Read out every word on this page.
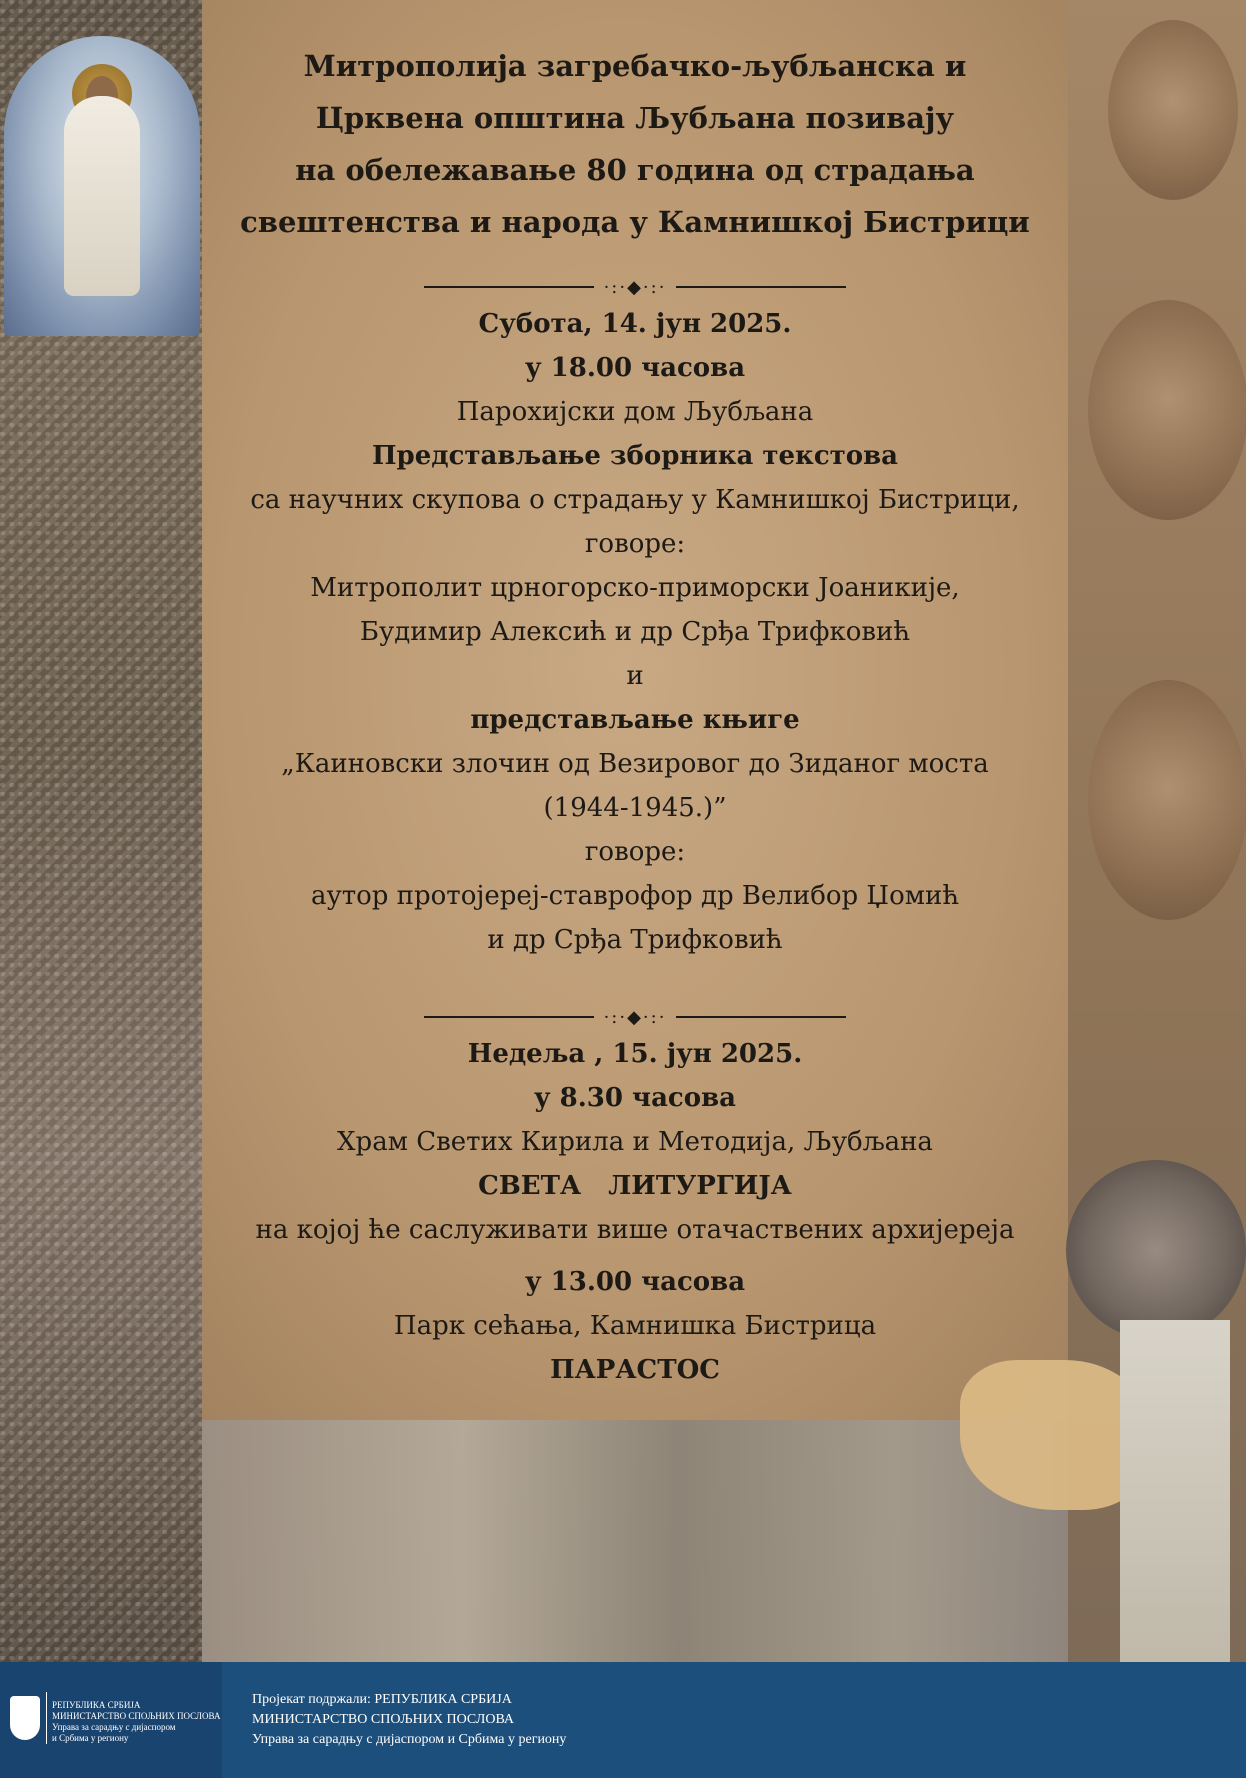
Митрополија загребачко-љубљанска и

Црквена општина Љубљана позивају

на обележавање 80 година од страдања

свештенства и народа у Камнишкој Бистрици

·:·◆·:·

Субота, 14. јун 2025.

у 18.00 часова

Парохијски дом Љубљана

Представљање зборника текстова

са научних скупова о страдању у Камнишкој Бистрици,

говоре:

Митрополит црногорско-приморски Јоаникије,

Будимир Алексић и др Срђа Трифковић

и

представљање књиге

„Каиновски злочин од Везировог до Зиданог моста

(1944-1945.)”

говоре:

аутор протојереј-ставрофор др Велибор Џомић

и др Срђа Трифковић

·:·◆·:·

Недеља , 15. јун 2025.

у 8.30 часова

Храм Светих Кирила и Методија, Љубљана

СВЕТА   ЛИТУРГИЈА

на којој ће саслуживати више отачаствених архијереја

у 13.00 часова

Парк сећања, Камнишка Бистрица

ПАРАСТОС

РЕПУБЛИКА СРБИЈА
МИНИСТАРСТВО СПОЉНИХ ПОСЛОВА
Управа за сарадњу с дијаспором
и Србима у региону
Пројекат подржали: РЕПУБЛИКА СРБИЈА
МИНИСТАРСТВО СПОЉНИХ ПОСЛОВА
Управа за сарадњу с дијаспором и Србима у региону
